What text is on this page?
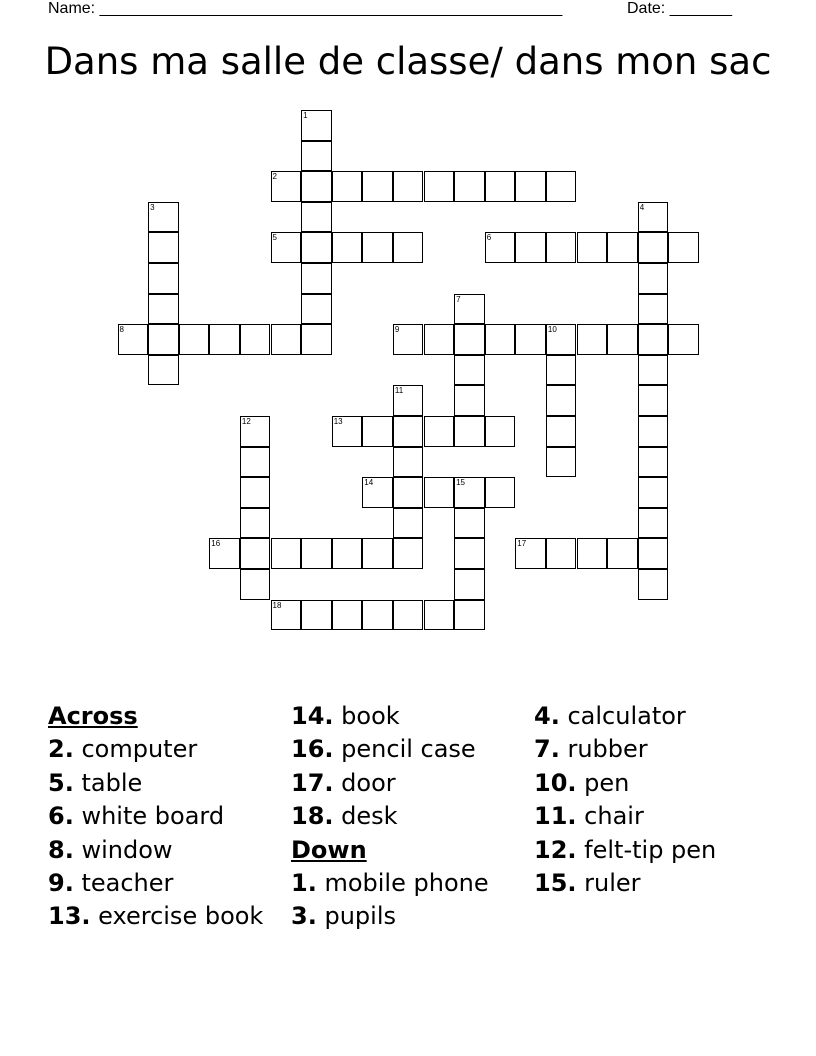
Name: ____________________________________________________	Date: _______
Dans ma salle de classe/ dans mon sac
1
2
3	4
5	6
7
8	9	10
11
12	13
14	15
16	17
18
Across
2. computer
5. table
6. white board
8. window
9. teacher
13. exercise book
14. book
16. pencil case
17. door
18. desk
Down
1. mobile phone
3. pupils
4. calculator
7. rubber
10. pen
11. chair
12. felt-tip pen
15. ruler
